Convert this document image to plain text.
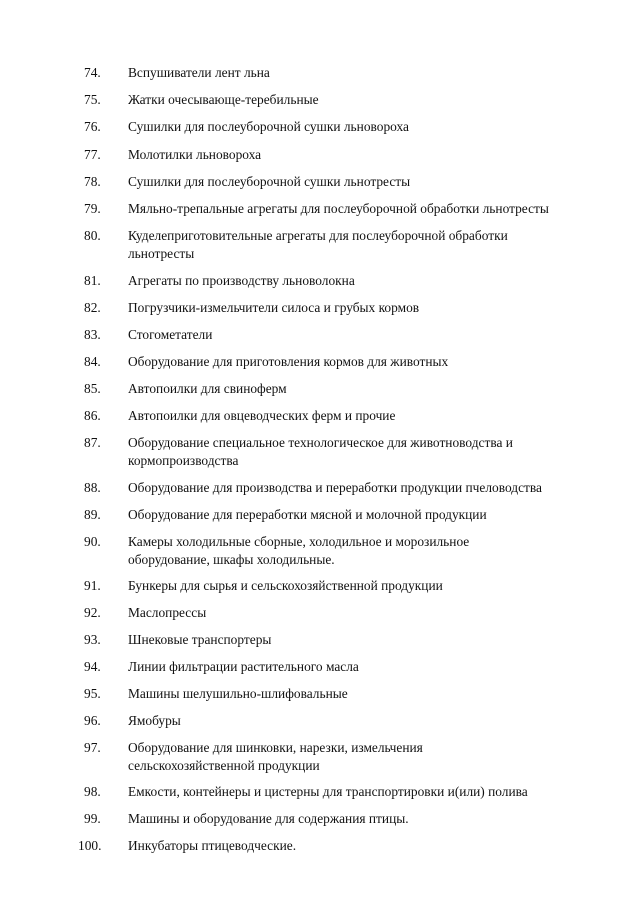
74.	Вспушиватели лент льна
75.	Жатки очесывающе-теребильные
76.	Сушилки для послеуборочной сушки льновороха
77.	Молотилки льновороха
78.	Сушилки для послеуборочной сушки льнотресты
79.	Мяльно-трепальные агрегаты для послеуборочной обработки льнотресты
80.	Куделеприготовительные агрегаты для послеуборочной обработки
льнотресты
81.	Агрегаты по производству льноволокна
82.	Погрузчики-измельчители силоса и грубых кормов
83.	Стогометатели
84.	Оборудование для приготовления кормов для животных
85.	Автопоилки для свиноферм
86.	Автопоилки для овцеводческих ферм и прочие
87.	Оборудование специальное технологическое для животноводства и
кормопроизводства
88.	Оборудование для производства и переработки продукции пчеловодства
89.	Оборудование для переработки мясной и молочной продукции
90.	Камеры холодильные сборные, холодильное и морозильное
оборудование, шкафы холодильные.
91.	Бункеры для сырья и сельскохозяйственной продукции
92.	Маслопрессы
93.	Шнековые транспортеры
94.	Линии фильтрации растительного масла
95.	Машины шелушильно-шлифовальные
96.	Ямобуры
97.	Оборудование для шинковки, нарезки, измельчения
сельскохозяйственной продукции
98.	Емкости, контейнеры и цистерны для транспортировки и(или) полива
99.	Машины и оборудование для содержания птицы.
100.	Инкубаторы птицеводческие.
